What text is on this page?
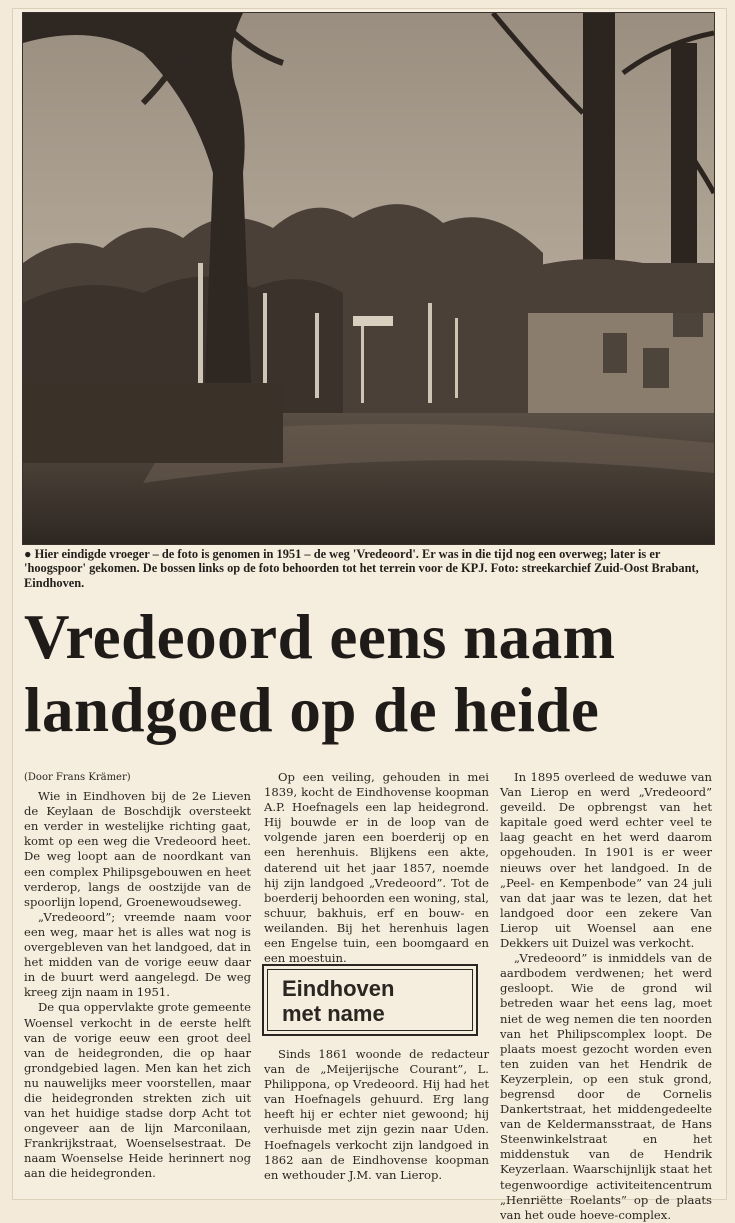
● Hier eindigde vroeger – de foto is genomen in 1951 – de weg 'Vredeoord'. Er was in die tijd nog een overweg; later is er 'hoogspoor' gekomen. De bossen links op de foto behoorden tot het terrein voor de KPJ. Foto: streekarchief Zuid-Oost Brabant, Eindhoven.
Vredeoord eens naam
landgoed op de heide

(Door Frans Krämer)

Wie in Eindhoven bij de 2e Lieven de Keylaan de Boschdijk oversteekt en verder in westelijke richting gaat, komt op een weg die Vredeoord heet. De weg loopt aan de noordkant van een complex Philipsgebouwen en heet verderop, langs de oostzijde van de spoorlijn lopend, Groenewoudseweg.

„Vredeoord”; vreemde naam voor een weg, maar het is alles wat nog is overgebleven van het landgoed, dat in het midden van de vorige eeuw daar in de buurt werd aangelegd. De weg kreeg zijn naam in 1951.

De qua oppervlakte grote gemeente Woensel verkocht in de eerste helft van de vorige eeuw een groot deel van de heidegronden, die op haar grondgebied lagen. Men kan het zich nu nauwelijks meer voorstellen, maar die heidegronden strekten zich uit van het huidige stadse dorp Acht tot ongeveer aan de lijn Marconilaan, Frankrijkstraat, Woenselsestraat. De naam Woenselse Heide herinnert nog aan die heidegronden.

Op een veiling, gehouden in mei 1839, kocht de Eindhovense koopman A.P. Hoefnagels een lap heidegrond. Hij bouwde er in de loop van de volgende jaren een boerderij op en een herenhuis. Blijkens een akte, daterend uit het jaar 1857, noemde hij zijn landgoed „Vredeoord”. Tot de boerderij behoorden een woning, stal, schuur, bakhuis, erf en bouw- en weilanden. Bij het herenhuis lagen een Engelse tuin, een boomgaard en een moestuin.

Eindhoven
met name

Sinds 1861 woonde de redacteur van de „Meijerijsche Courant”, L. Philippona, op Vredeoord. Hij had het van Hoefnagels gehuurd. Erg lang heeft hij er echter niet gewoond; hij verhuisde met zijn gezin naar Uden. Hoefnagels verkocht zijn landgoed in 1862 aan de Eindhovense koopman en wethouder J.M. van Lierop.

In 1895 overleed de weduwe van Van Lierop en werd „Vredeoord” geveild. De opbrengst van het kapitale goed werd echter veel te laag geacht en het werd daarom opgehouden. In 1901 is er weer nieuws over het landgoed. In de „Peel- en Kempenbode” van 24 juli van dat jaar was te lezen, dat het landgoed door een zekere Van Lierop uit Woensel aan ene Dekkers uit Duizel was verkocht.

„Vredeoord” is inmiddels van de aardbodem verdwenen; het werd gesloopt. Wie de grond wil betreden waar het eens lag, moet niet de weg nemen die ten noorden van het Philipscomplex loopt. De plaats moest gezocht worden even ten zuiden van het Hendrik de Keyzerplein, op een stuk grond, begrensd door de Cornelis Dankertstraat, het middengedeelte van de Keldermansstraat, de Hans Steenwinkelstraat en het middenstuk van de Hendrik Keyzerlaan. Waarschijnlijk staat het tegenwoordige activiteitencentrum „Henriëtte Roelants” op de plaats van het oude hoeve-complex.
